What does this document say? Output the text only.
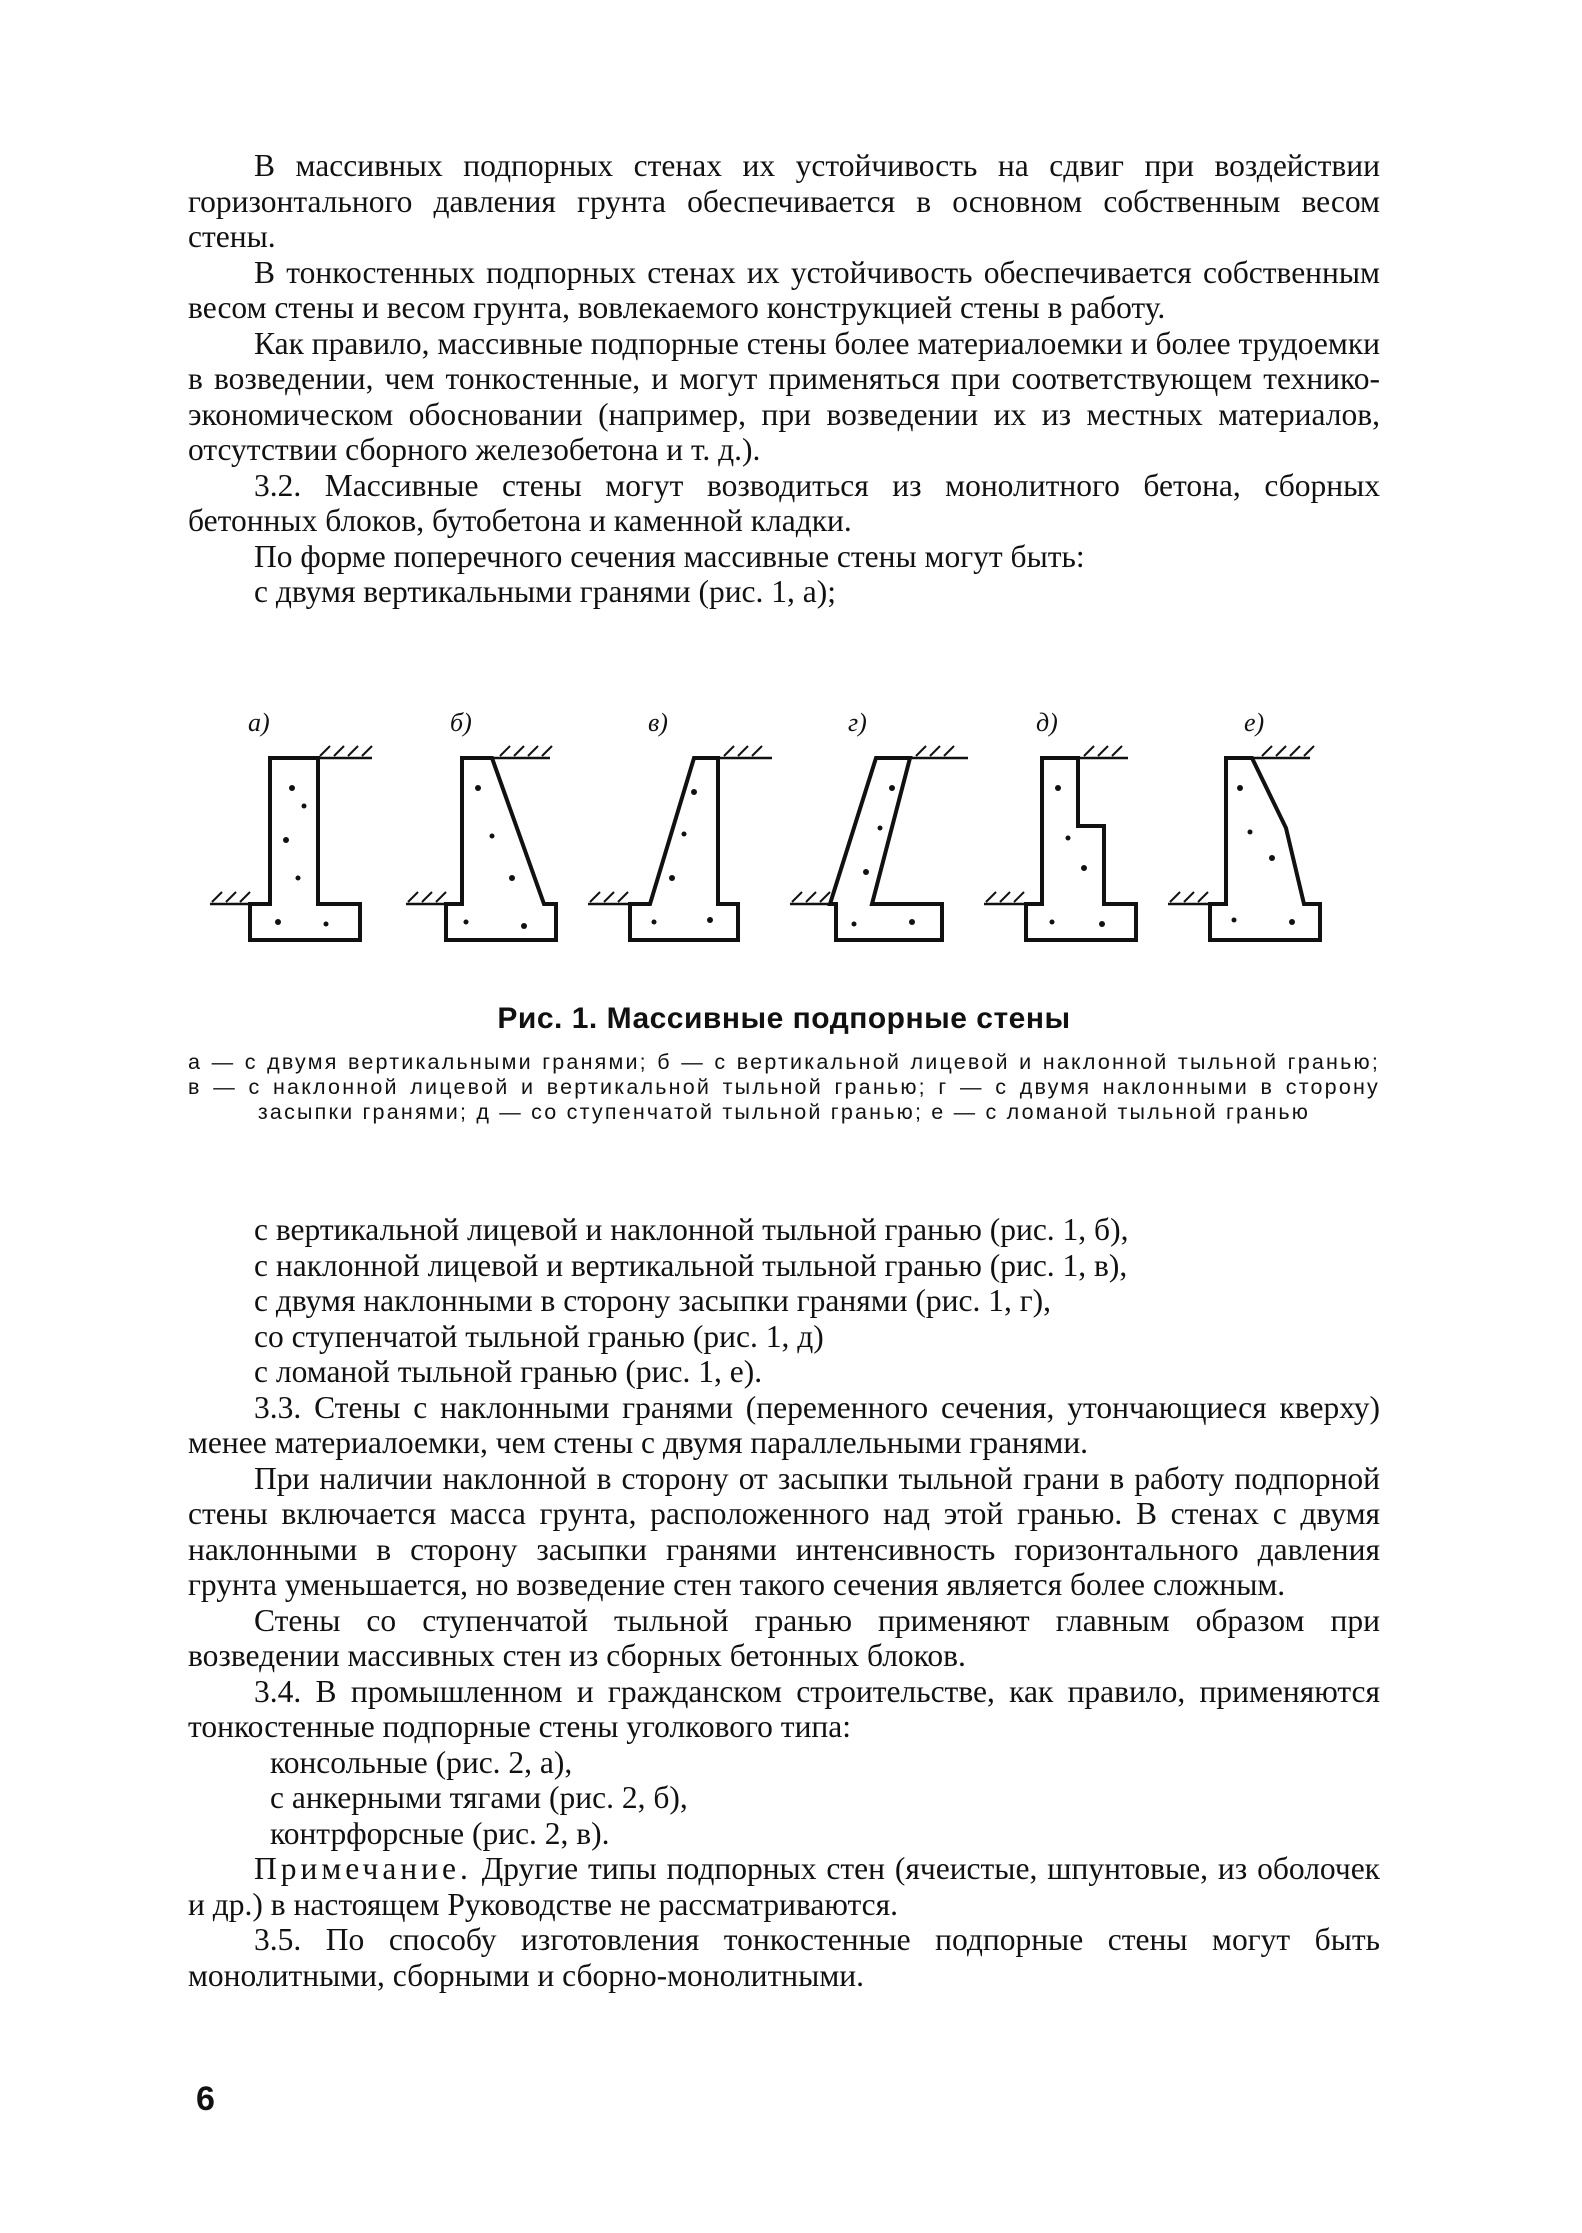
В массивных подпорных стенах их устойчивость на сдвиг при воздействии горизонтального давления грунта обеспечивается в основном собственным весом стены.

В тонкостенных подпорных стенах их устойчивость обеспечивается собственным весом стены и весом грунта, вовлекаемого конструкцией стены в работу.

Как правило, массивные подпорные стены более материалоемки и более трудоемки в возведении, чем тонкостенные, и могут применяться при соответствующем технико-экономическом обосновании (например, при возведении их из местных материалов, отсутствии сборного железобетона и т. д.).

3.2. Массивные стены могут возводиться из монолитного бетона, сборных бетонных блоков, бутобетона и каменной кладки.

По форме поперечного сечения массивные стены могут быть:

с двумя вертикальными гранями (рис. 1, а);

а)	б)	в)	г)	д)	е)
Рис. 1. Массивные подпорные стены
а — с двумя вертикальными гранями; б — с вертикальной лицевой и наклонной тыльной гранью; в — с наклонной лицевой и вертикальной тыльной гранью; г — с двумя наклонными в сторону засыпки гранями; д — со ступенчатой тыльной гранью; е — с ломаной тыльной гранью

с вертикальной лицевой и наклонной тыльной гранью (рис. 1, б),

с наклонной лицевой и вертикальной тыльной гранью (рис. 1, в),

с двумя наклонными в сторону засыпки гранями (рис. 1, г),

со ступенчатой тыльной гранью (рис. 1, д)

с ломаной тыльной гранью (рис. 1, е).

3.3. Стены с наклонными гранями (переменного сечения, утончающиеся кверху) менее материалоемки, чем стены с двумя параллельными гранями.

При наличии наклонной в сторону от засыпки тыльной грани в работу подпорной стены включается масса грунта, расположенного над этой гранью. В стенах с двумя наклонными в сторону засыпки гранями интенсивность горизонтального давления грунта уменьшается, но возведение стен такого сечения является более сложным.

Стены со ступенчатой тыльной гранью применяют главным образом при возведении массивных стен из сборных бетонных блоков.

3.4. В промышленном и гражданском строительстве, как правило, применяются тонкостенные подпорные стены уголкового типа:

консольные (рис. 2, а),

с анкерными тягами (рис. 2, б),

контрфорсные (рис. 2, в).

Примечание. Другие типы подпорных стен (ячеистые, шпунтовые, из оболочек и др.) в настоящем Руководстве не рассматриваются.

3.5. По способу изготовления тонкостенные подпорные стены могут быть монолитными, сборными и сборно-монолитными.

6
